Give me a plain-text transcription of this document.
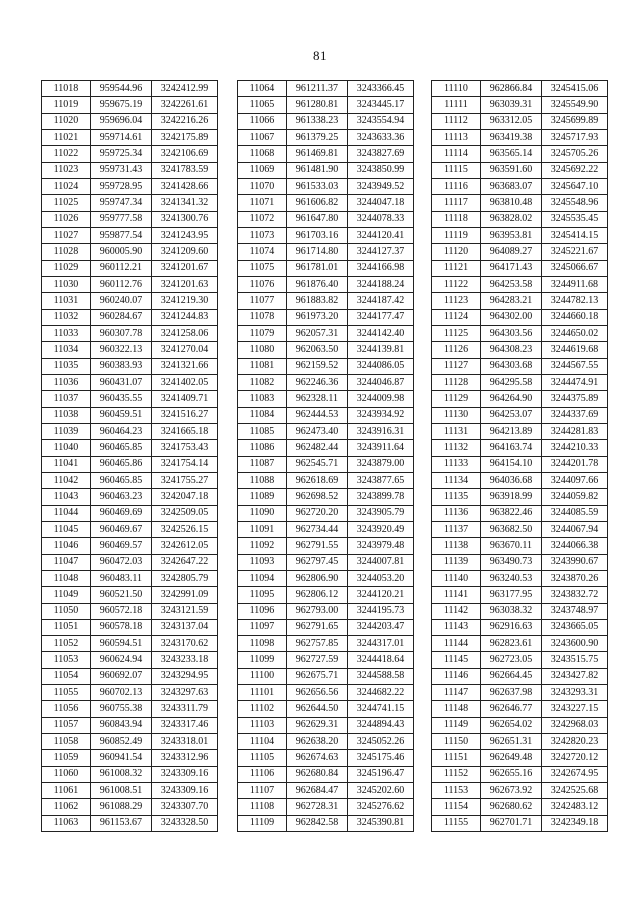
81
11018	959544.96	3242412.99
11019	959675.19	3242261.61
11020	959696.04	3242216.26
11021	959714.61	3242175.89
11022	959725.34	3242106.69
11023	959731.43	3241783.59
11024	959728.95	3241428.66
11025	959747.34	3241341.32
11026	959777.58	3241300.76
11027	959877.54	3241243.95
11028	960005.90	3241209.60
11029	960112.21	3241201.67
11030	960112.76	3241201.63
11031	960240.07	3241219.30
11032	960284.67	3241244.83
11033	960307.78	3241258.06
11034	960322.13	3241270.04
11035	960383.93	3241321.66
11036	960431.07	3241402.05
11037	960435.55	3241409.71
11038	960459.51	3241516.27
11039	960464.23	3241665.18
11040	960465.85	3241753.43
11041	960465.86	3241754.14
11042	960465.85	3241755.27
11043	960463.23	3242047.18
11044	960469.69	3242509.05
11045	960469.67	3242526.15
11046	960469.57	3242612.05
11047	960472.03	3242647.22
11048	960483.11	3242805.79
11049	960521.50	3242991.09
11050	960572.18	3243121.59
11051	960578.18	3243137.04
11052	960594.51	3243170.62
11053	960624.94	3243233.18
11054	960692.07	3243294.95
11055	960702.13	3243297.63
11056	960755.38	3243311.79
11057	960843.94	3243317.46
11058	960852.49	3243318.01
11059	960941.54	3243312.96
11060	961008.32	3243309.16
11061	961008.51	3243309.16
11062	961088.29	3243307.70
11063	961153.67	3243328.50
11064	961211.37	3243366.45
11065	961280.81	3243445.17
11066	961338.23	3243554.94
11067	961379.25	3243633.36
11068	961469.81	3243827.69
11069	961481.90	3243850.99
11070	961533.03	3243949.52
11071	961606.82	3244047.18
11072	961647.80	3244078.33
11073	961703.16	3244120.41
11074	961714.80	3244127.37
11075	961781.01	3244166.98
11076	961876.40	3244188.24
11077	961883.82	3244187.42
11078	961973.20	3244177.47
11079	962057.31	3244142.40
11080	962063.50	3244139.81
11081	962159.52	3244086.05
11082	962246.36	3244046.87
11083	962328.11	3244009.98
11084	962444.53	3243934.92
11085	962473.40	3243916.31
11086	962482.44	3243911.64
11087	962545.71	3243879.00
11088	962618.69	3243877.65
11089	962698.52	3243899.78
11090	962720.20	3243905.79
11091	962734.44	3243920.49
11092	962791.55	3243979.48
11093	962797.45	3244007.81
11094	962806.90	3244053.20
11095	962806.12	3244120.21
11096	962793.00	3244195.73
11097	962791.65	3244203.47
11098	962757.85	3244317.01
11099	962727.59	3244418.64
11100	962675.71	3244588.58
11101	962656.56	3244682.22
11102	962644.50	3244741.15
11103	962629.31	3244894.43
11104	962638.20	3245052.26
11105	962674.63	3245175.46
11106	962680.84	3245196.47
11107	962684.47	3245202.60
11108	962728.31	3245276.62
11109	962842.58	3245390.81
11110	962866.84	3245415.06
11111	963039.31	3245549.90
11112	963312.05	3245699.89
11113	963419.38	3245717.93
11114	963565.14	3245705.26
11115	963591.60	3245692.22
11116	963683.07	3245647.10
11117	963810.48	3245548.96
11118	963828.02	3245535.45
11119	963953.81	3245414.15
11120	964089.27	3245221.67
11121	964171.43	3245066.67
11122	964253.58	3244911.68
11123	964283.21	3244782.13
11124	964302.00	3244660.18
11125	964303.56	3244650.02
11126	964308.23	3244619.68
11127	964303.68	3244567.55
11128	964295.58	3244474.91
11129	964264.90	3244375.89
11130	964253.07	3244337.69
11131	964213.89	3244281.83
11132	964163.74	3244210.33
11133	964154.10	3244201.78
11134	964036.68	3244097.66
11135	963918.99	3244059.82
11136	963822.46	3244085.59
11137	963682.50	3244067.94
11138	963670.11	3244066.38
11139	963490.73	3243990.67
11140	963240.53	3243870.26
11141	963177.95	3243832.72
11142	963038.32	3243748.97
11143	962916.63	3243665.05
11144	962823.61	3243600.90
11145	962723.05	3243515.75
11146	962664.45	3243427.82
11147	962637.98	3243293.31
11148	962646.77	3243227.15
11149	962654.02	3242968.03
11150	962651.31	3242820.23
11151	962649.48	3242720.12
11152	962655.16	3242674.95
11153	962673.92	3242525.68
11154	962680.62	3242483.12
11155	962701.71	3242349.18
